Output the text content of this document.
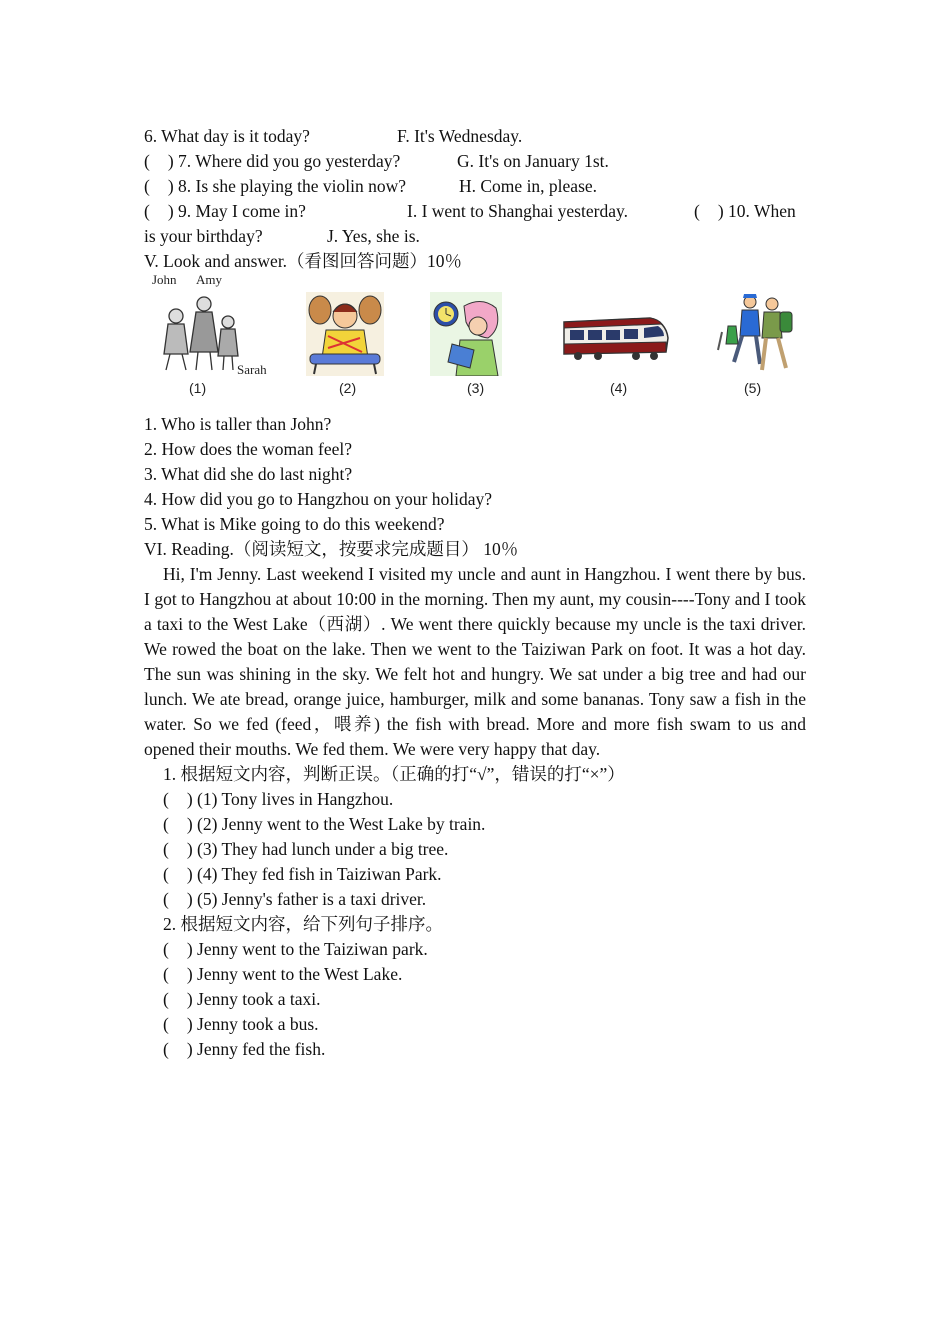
6. What day is it today?	F. It's Wednesday.
( ) 7. Where did you go yesterday?	G. It's on January 1st.
( ) 8. Is she playing the violin now?	H. Come in, please.
( ) 9. May I come in?	I. I went to Shanghai yesterday.	( ) 10. When
is your birthday?	J. Yes, she is.
V. Look and answer.（看图回答问题）10％
John Amy
Sarah
(1)	(2)	(3)	(4)	(5)
1. Who is taller than John?
2. How does the woman feel?
3. What did she do last night?
4. How did you go to Hangzhou on your holiday?
5. What is Mike going to do this weekend?
VI. Reading.（阅读短文，按要求完成题目） 10％

Hi, I'm Jenny. Last weekend I visited my uncle and aunt in Hangzhou. I went there by bus. I got to Hangzhou at about 10:00 in the morning. Then my aunt, my cousin----Tony and I took a taxi to the West Lake（西湖）. We went there quickly because my uncle is the taxi driver. We rowed the boat on the lake. Then we went to the Taiziwan Park on foot. It was a hot day. The sun was shining in the sky. We felt hot and hungry. We sat under a big tree and had our lunch. We ate bread, orange juice, hamburger, milk and some bananas. Tony saw a fish in the water. So we fed (feed，喂养) the fish with bread. More and more fish swam to us and opened their mouths. We fed them. We were very happy that day.

1. 根据短文内容，判断正误。（正确的打“√”，错误的打“×”）
( ) (1) Tony lives in Hangzhou.
( ) (2) Jenny went to the West Lake by train.
( ) (3) They had lunch under a big tree.
( ) (4) They fed fish in Taiziwan Park.
( ) (5) Jenny's father is a taxi driver.
2. 根据短文内容，给下列句子排序。
( ) Jenny went to the Taiziwan park.
( ) Jenny went to the West Lake.
( ) Jenny took a taxi.
( ) Jenny took a bus.
( ) Jenny fed the fish.
